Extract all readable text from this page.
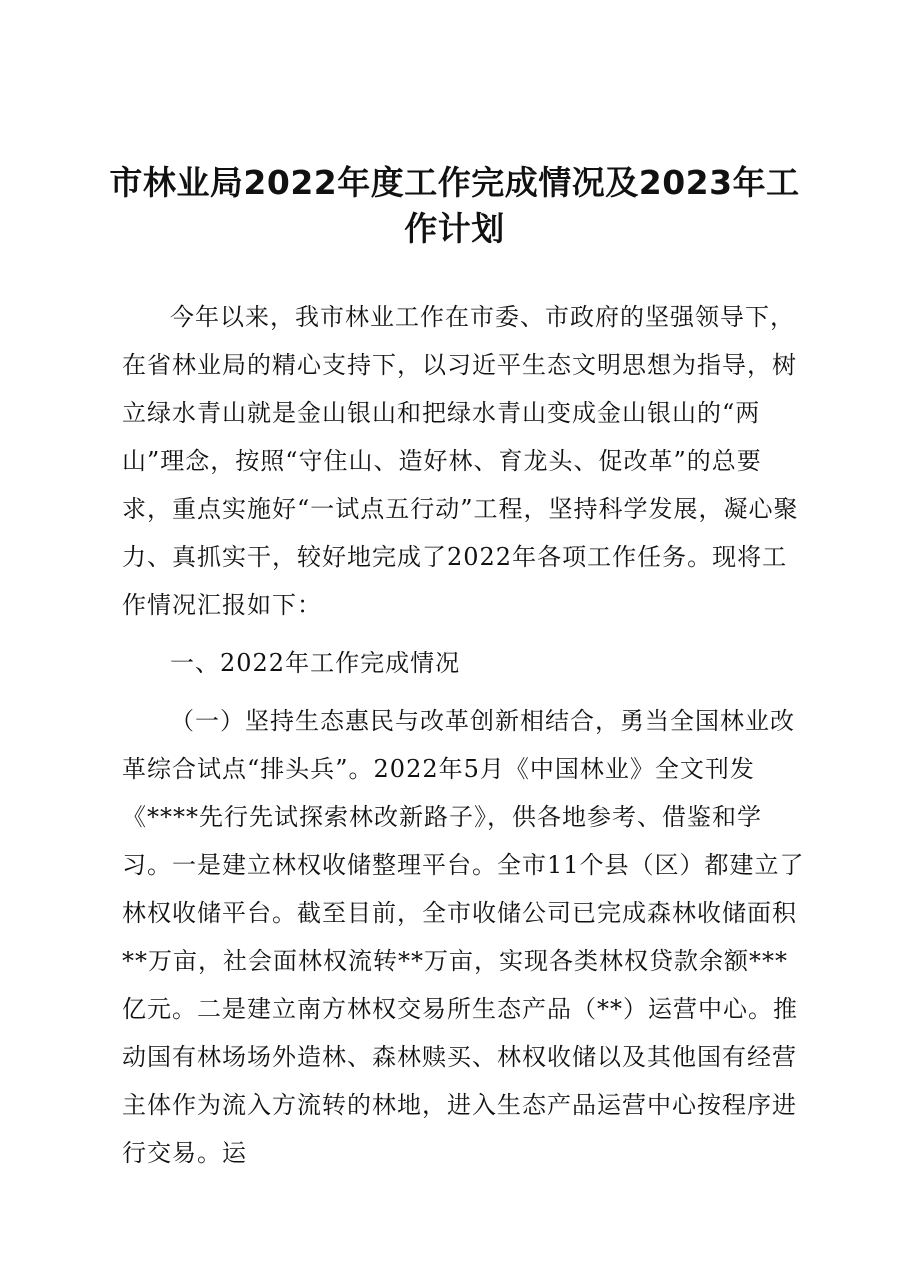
市林业局2022年度工作完成情况及2023年工
作计划

今年以来，我市林业工作在市委、市政府的坚强领导下，在省林业局的精心支持下，以习近平生态文明思想为指导，树立绿水青山就是金山银山和把绿水青山变成金山银山的“两山”理念，按照“守住山、造好林、育龙头、促改革”的总要求，重点实施好“一试点五行动”工程，坚持科学发展，凝心聚力、真抓实干，较好地完成了2022年各项工作任务。现将工作情况汇报如下：

一、2022年工作完成情况

（一）坚持生态惠民与改革创新相结合，勇当全国林业改革综合试点“排头兵”。2022年5月《中国林业》全文刊发《****先行先试探索林改新路子》，供各地参考、借鉴和学习。一是建立林权收储整理平台。全市11个县（区）都建立了林权收储平台。截至目前，全市收储公司已完成森林收储面积**万亩，社会面林权流转**万亩，实现各类林权贷款余额***亿元。二是建立南方林权交易所生态产品（**）运营中心。推动国有林场场外造林、森林赎买、林权收储以及其他国有经营主体作为流入方流转的林地，进入生态产品运营中心按程序进行交易。运
